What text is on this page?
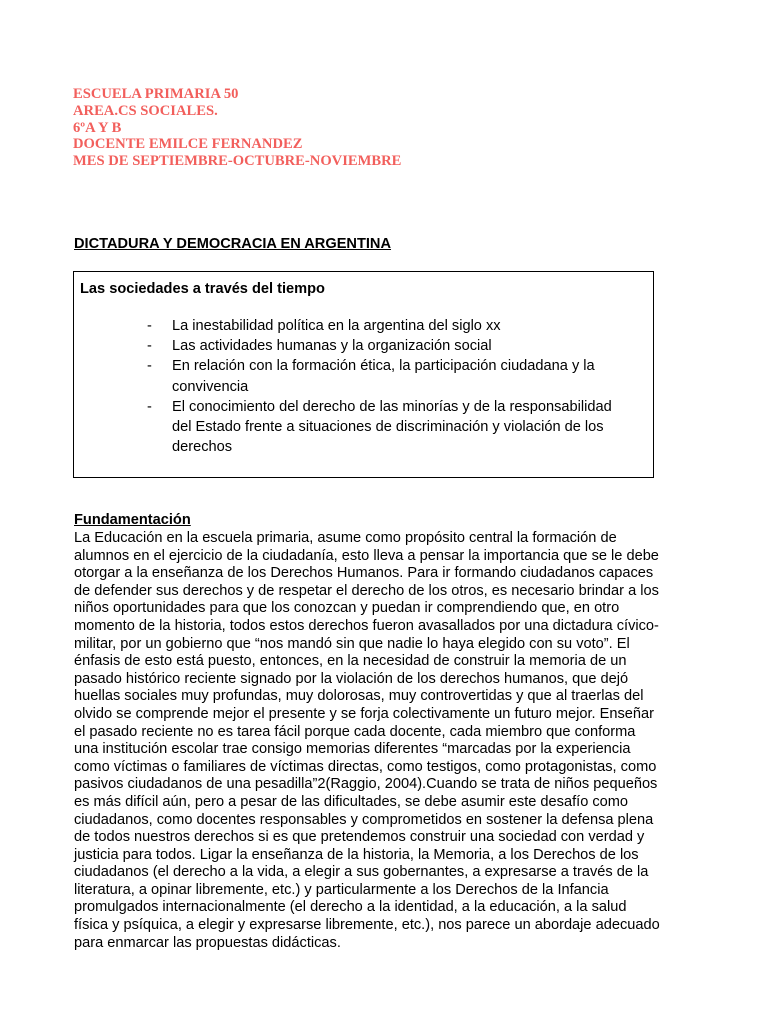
ESCUELA PRIMARIA 50
AREA.CS SOCIALES.
6ºA Y B
DOCENTE EMILCE FERNANDEZ
MES DE SEPTIEMBRE-OCTUBRE-NOVIEMBRE
DICTADURA Y DEMOCRACIA EN ARGENTINA
Las sociedades a través del tiempo
- La inestabilidad política en la argentina del siglo xx
- Las actividades humanas y la organización social
- En relación con la formación ética, la participación ciudadana y la
convivencia
- El conocimiento del derecho de las minorías y de la responsabilidad
del Estado frente a situaciones de discriminación y violación de los
derechos
Fundamentación
La Educación en la escuela primaria, asume como propósito central la formación de
alumnos en el ejercicio de la ciudadanía, esto lleva a pensar la importancia que se le debe
otorgar a la enseñanza de los Derechos Humanos. Para ir formando ciudadanos capaces
de defender sus derechos y de respetar el derecho de los otros, es necesario brindar a los
niños oportunidades para que los conozcan y puedan ir comprendiendo que, en otro
momento de la historia, todos estos derechos fueron avasallados por una dictadura cívico-
militar, por un gobierno que “nos mandó sin que nadie lo haya elegido con su voto”. El
énfasis de esto está puesto, entonces, en la necesidad de construir la memoria de un
pasado histórico reciente signado por la violación de los derechos humanos, que dejó
huellas sociales muy profundas, muy dolorosas, muy controvertidas y que al traerlas del
olvido se comprende mejor el presente y se forja colectivamente un futuro mejor. Enseñar
el pasado reciente no es tarea fácil porque cada docente, cada miembro que conforma
una institución escolar trae consigo memorias diferentes “marcadas por la experiencia
como víctimas o familiares de víctimas directas, como testigos, como protagonistas, como
pasivos ciudadanos de una pesadilla”2(Raggio, 2004).Cuando se trata de niños pequeños
es más difícil aún, pero a pesar de las dificultades, se debe asumir este desafío como
ciudadanos, como docentes responsables y comprometidos en sostener la defensa plena
de todos nuestros derechos si es que pretendemos construir una sociedad con verdad y
justicia para todos. Ligar la enseñanza de la historia, la Memoria, a los Derechos de los
ciudadanos (el derecho a la vida, a elegir a sus gobernantes, a expresarse a través de la
literatura, a opinar libremente, etc.) y particularmente a los Derechos de la Infancia
promulgados internacionalmente (el derecho a la identidad, a la educación, a la salud
física y psíquica, a elegir y expresarse libremente, etc.), nos parece un abordaje adecuado
para enmarcar las propuestas didácticas.
